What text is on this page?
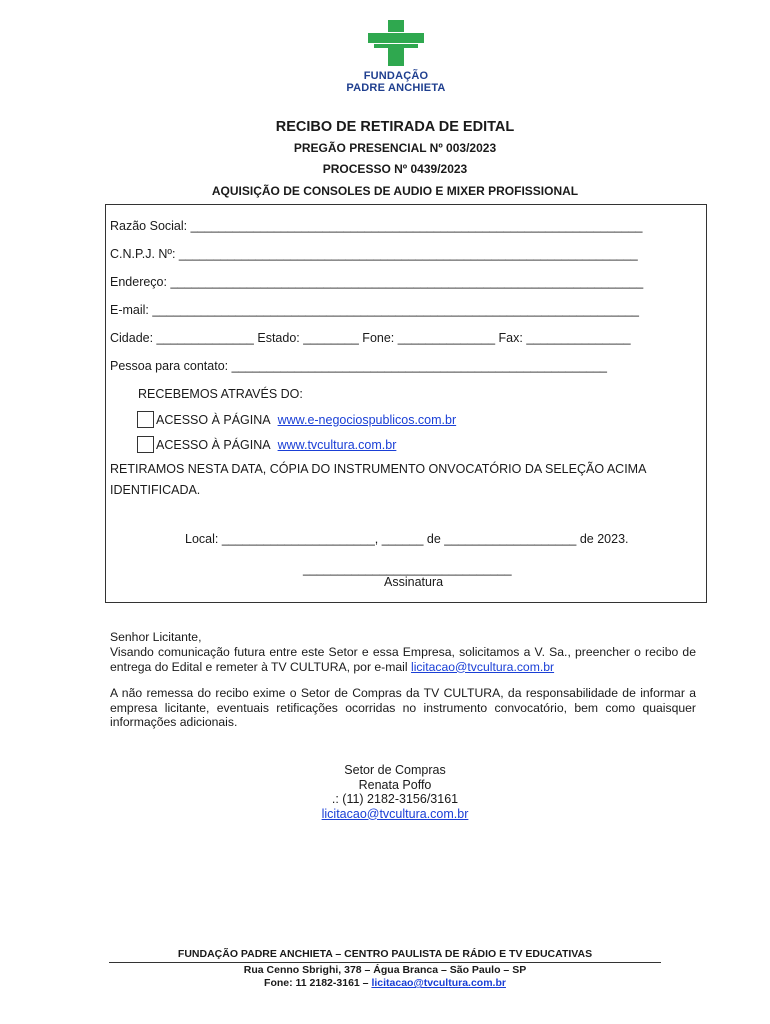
FUNDAÇÃO
PADRE ANCHIETA
RECIBO DE RETIRADA DE EDITAL
PREGÃO PRESENCIAL Nº 003/2023
PROCESSO Nº 0439/2023
AQUISIÇÃO DE CONSOLES DE AUDIO E MIXER PROFISSIONAL
Razão Social: _________________________________________________________________
C.N.P.J. Nº: __________________________________________________________________
Endereço: ____________________________________________________________________
E-mail: ______________________________________________________________________
Cidade: ______________ Estado: ________ Fone: ______________ Fax: _______________
Pessoa para contato: ______________________________________________________
RECEBEMOS ATRAVÉS DO:
ACESSO À PÁGINA www.e-negociospublicos.com.br
ACESSO À PÁGINA www.tvcultura.com.br
RETIRAMOS NESTA DATA, CÓPIA DO INSTRUMENTO ONVOCATÓRIO DA SELEÇÃO ACIMA
IDENTIFICADA.
Local: ______________________, ______ de ___________________ de 2023.
______________________________
Assinatura
Senhor Licitante,
Visando comunicação futura entre este Setor e essa Empresa, solicitamos a V. Sa., preencher o recibo de entrega do Edital e remeter à TV CULTURA, por e-mail licitacao@tvcultura.com.br
A não remessa do recibo exime o Setor de Compras da TV CULTURA, da responsabilidade de informar a empresa licitante, eventuais retificações ocorridas no instrumento convocatório, bem como quaisquer informações adicionais.
Setor de Compras
Renata Poffo
.: (11) 2182-3156/3161
licitacao@tvcultura.com.br
FUNDAÇÃO PADRE ANCHIETA – CENTRO PAULISTA DE RÁDIO E TV EDUCATIVAS
Rua Cenno Sbrighi, 378 – Água Branca – São Paulo – SP
Fone: 11 2182-3161 – licitacao@tvcultura.com.br
